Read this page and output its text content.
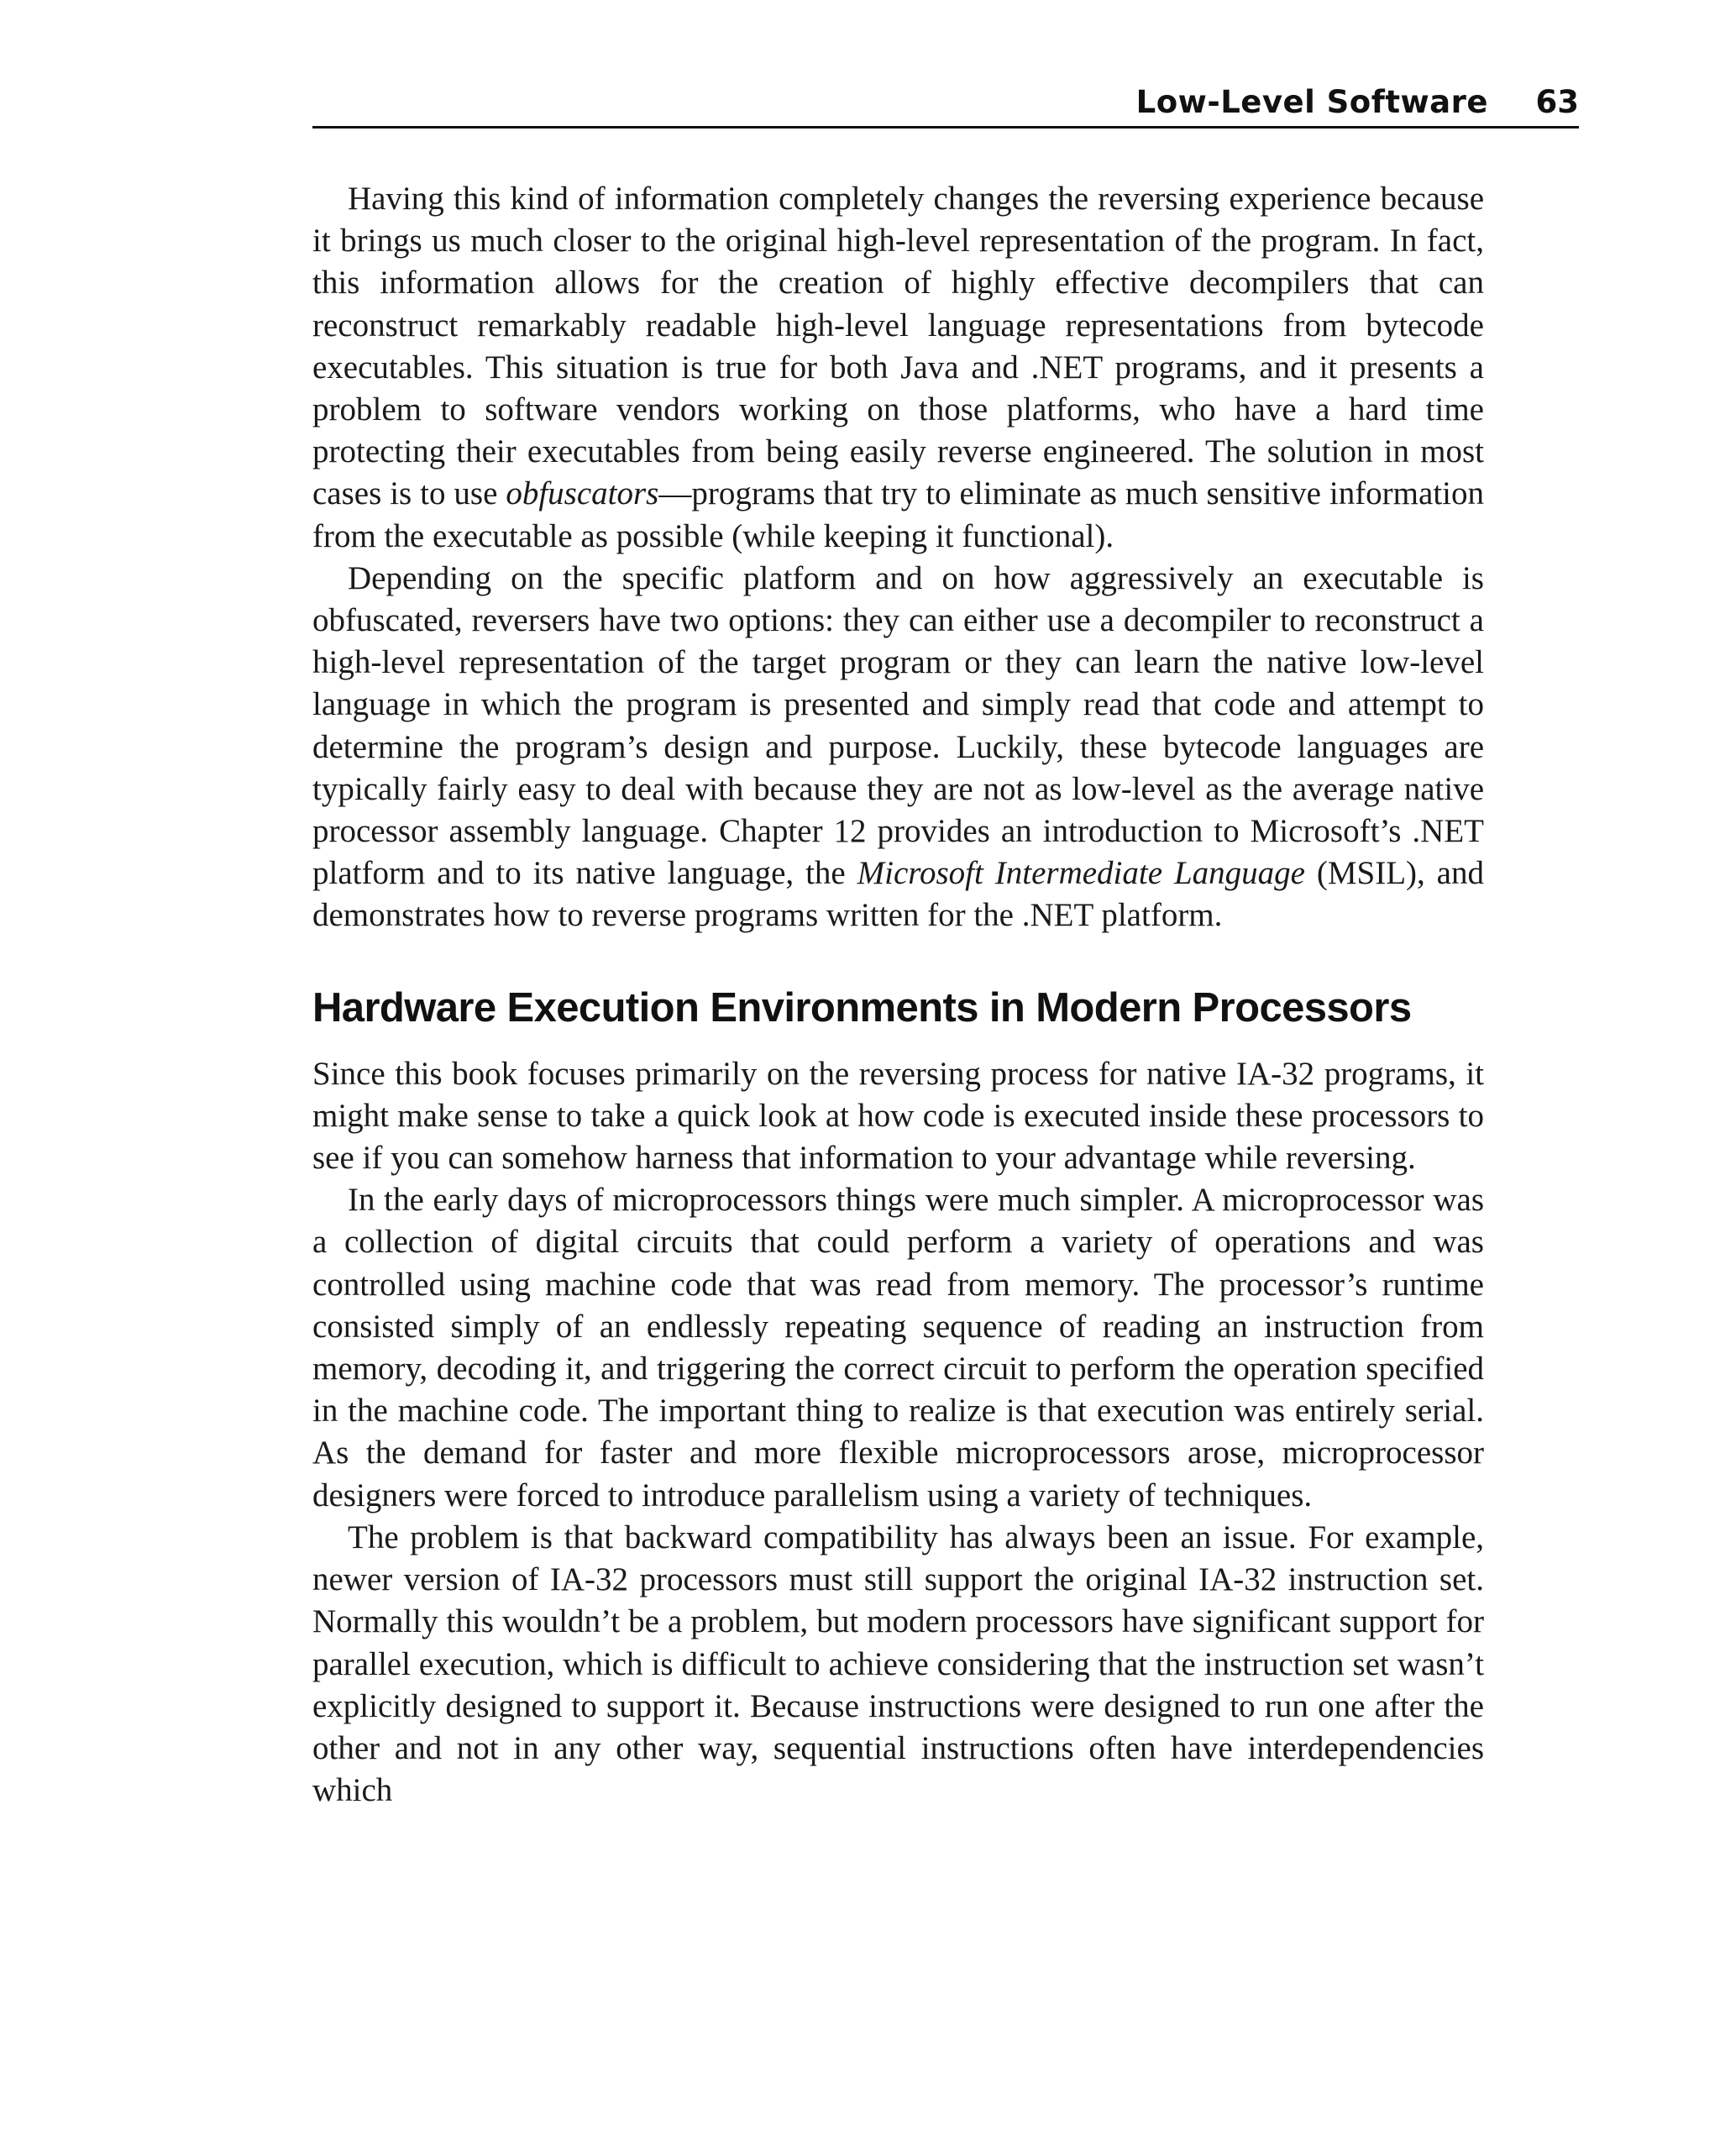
Low-Level Software 63

Having this kind of information completely changes the reversing experience because it brings us much closer to the original high-level representation of the program. In fact, this information allows for the creation of highly effective decompilers that can reconstruct remarkably readable high-level language representations from bytecode executables. This situation is true for both Java and .NET programs, and it presents a problem to software vendors working on those platforms, who have a hard time protecting their executables from being easily reverse engineered. The solution in most cases is to use obfuscators—programs that try to eliminate as much sensitive information from the executable as possible (while keeping it functional).

Depending on the specific platform and on how aggressively an executable is obfuscated, reversers have two options: they can either use a decompiler to reconstruct a high-level representation of the target program or they can learn the native low-level language in which the program is presented and simply read that code and attempt to determine the program’s design and purpose. Luckily, these bytecode languages are typically fairly easy to deal with because they are not as low-level as the average native processor assembly language. Chapter 12 provides an introduction to Microsoft’s .NET platform and to its native language, the Microsoft Intermediate Language (MSIL), and demonstrates how to reverse programs written for the .NET platform.

Hardware Execution Environments in Modern Processors

Since this book focuses primarily on the reversing process for native IA-32 programs, it might make sense to take a quick look at how code is executed inside these processors to see if you can somehow harness that information to your advantage while reversing.

In the early days of microprocessors things were much simpler. A microprocessor was a collection of digital circuits that could perform a variety of operations and was controlled using machine code that was read from memory. The processor’s runtime consisted simply of an endlessly repeating sequence of reading an instruction from memory, decoding it, and triggering the correct circuit to perform the operation specified in the machine code. The important thing to realize is that execution was entirely serial. As the demand for faster and more flexible microprocessors arose, microprocessor designers were forced to introduce parallelism using a variety of techniques.

The problem is that backward compatibility has always been an issue. For example, newer version of IA-32 processors must still support the original IA-32 instruction set. Normally this wouldn’t be a problem, but modern processors have significant support for parallel execution, which is difficult to achieve considering that the instruction set wasn’t explicitly designed to support it. Because instructions were designed to run one after the other and not in any other way, sequential instructions often have interdependencies which
